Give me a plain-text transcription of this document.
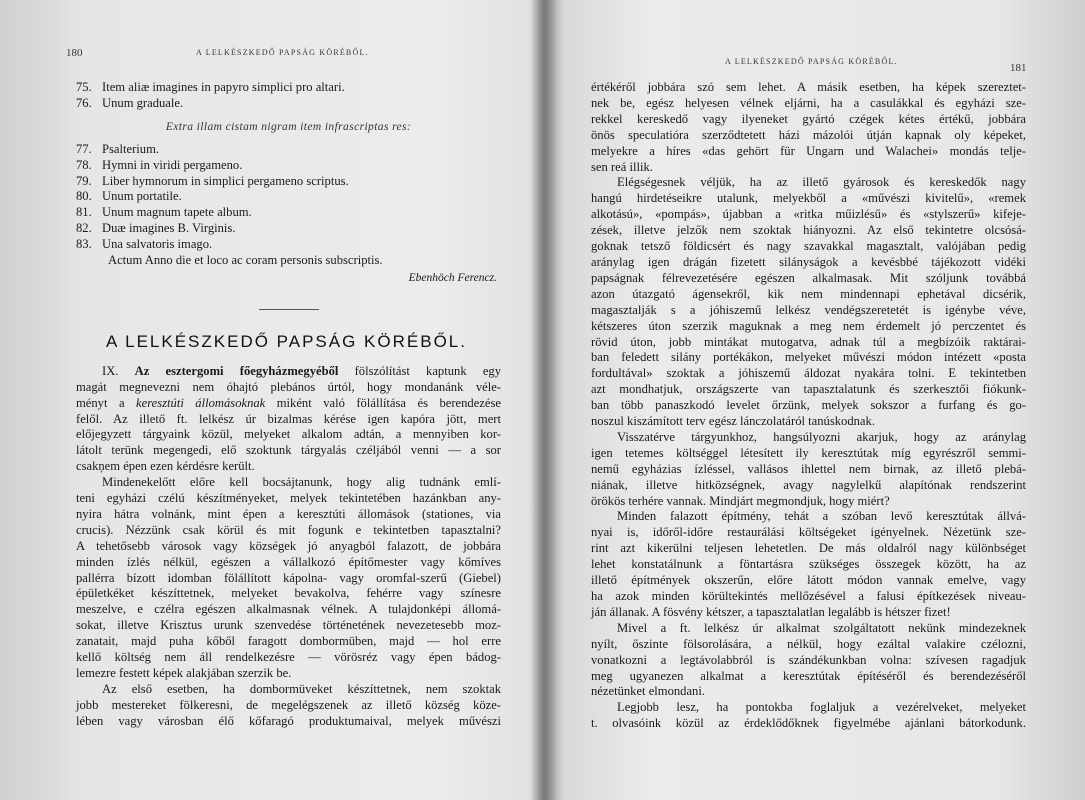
180	A LELKÉSZKEDŐ PAPSÁG KÖRÉBŐL.
75. Item aliæ imagines in papyro simplici pro altari.
76. Unum graduale.
Extra illam cistam nigram item infrascriptas res:
77. Psalterium.
78. Hymni in viridi pergameno.
79. Liber hymnorum in simplici pergameno scriptus.
80. Unum portatile.
81. Unum magnum tapete album.
82. Duæ imagines B. Virginis.
83. Una salvatoris imago.
Actum Anno die et loco ac coram personis subscriptis.
Ebenhöch Ferencz.
A LELKÉSZKEDŐ PAPSÁG KÖRÉBŐL.
IX. Az esztergomi főegyházmegyéből fölszólítást kaptunk egy
magát megnevezni nem óhajtó plebános úrtól, hogy mondanánk véle-
ményt a keresztúti állomásoknak miként való fölállítása és berendezése
felől. Az illető ft. lelkész úr bizalmas kérése igen kapóra jött, mert
előjegyzett tárgyaink közül, melyeket alkalom adtán, a mennyiben kor-
látolt terünk megengedi, elő szoktunk tárgyalás czéljából venni — a sor
csakņem épen ezen kérdésre került.
Mindenekelőtt előre kell bocsájtanunk, hogy alig tudnánk emlí-
teni egyházi czélú készítményeket, melyek tekintetében hazánkban any-
nyira hátra volnánk, mint épen a keresztúti állomások (stationes, via
crucis). Nézzünk csak körül és mit fogunk e tekintetben tapasztalni?
A tehetősebb városok vagy községek jó anyagból falazott, de jobbára
minden ízlés nélkül, egészen a vállalkozó építőmester vagy kőmíves
pallérra bízott idomban fölállított kápolna- vagy oromfal-szerű (Giebel)
épületkéket készíttetnek, melyeket bevakolva, fehérre vagy színesre
meszelve, e czélra egészen alkalmasnak vélnek. A tulajdonképi állomá-
sokat, illetve Krisztus urunk szenvedése történetének nevezetesebb moz-
zanatait, majd puha kőből faragott dombormüben, majd — hol erre
kellő költség nem áll rendelkezésre — vörösréz vagy épen bádog-
lemezre festett képek alakjában szerzik be.
Az első esetben, ha dombormüveket készíttetnek, nem szoktak
jobb mestereket fölkeresni, de megelégszenek az illető község köze-
lében vagy városban élő kőfaragó produktumaival, melyek művészi
181
A LELKÉSZKEDŐ PAPSÁG KÖRÉBŐL.
értékéről jobbára szó sem lehet. A másik esetben, ha képek szereztet-
nek be, egész helyesen vélnek eljárni, ha a casulákkal és egyházi sze-
rekkel kereskedő vagy ilyeneket gyártó czégek kétes értékű, jobbára
önös speculatióra szerződtetett házi mázolói útján kapnak oly képeket,
melyekre a híres «das gehört für Ungarn und Walachei» mondás telje-
sen reá illik.
Elégségesnek véljük, ha az illető gyárosok és kereskedők nagy
hangú hirdetéseikre utalunk, melyekből a «művészi kivitelű», «remek
alkotású», «pompás», újabban a «ritka műizlésű» és «stylszerű» kifeje-
zések, illetve jelzők nem szoktak hiányozni. Az első tekintetre olcsósá-
goknak tetsző földicsért és nagy szavakkal magasztalt, valójában pedig
aránylag igen drágán fizetett silányságok a kevésbbé tájékozott vidéki
papságnak félrevezetésére egészen alkalmasak. Mit szóljunk továbbá
azon útazgató ágensekről, kik nem mindennapi ephetával dicsérik,
magasztalják s a jóhiszemű lelkész vendégszeretetét is igénybe véve,
kétszeres úton szerzik maguknak a meg nem érdemelt jó perczentet és
rövid úton, jobb mintákat mutogatva, adnak túl a megbízóik raktárai-
ban feledett silány portékákon, melyeket művészi módon intézett «posta
fordultával» szoktak a jóhiszemű áldozat nyakára tolni. E tekintetben
azt mondhatjuk, országszerte van tapasztalatunk és szerkesztői fiókunk-
ban több panaszkodó levelet őrzünk, melyek sokszor a furfang és go-
noszul kiszámított terv egész lánczolatáról tanúskodnak.
Visszatérve tárgyunkhoz, hangsúlyozni akarjuk, hogy az aránylag
igen tetemes költséggel létesített ily keresztútak míg egyrészről semmi-
nemű egyházias ízléssel, vallásos ihlettel nem birnak, az illető plebá-
niának, illetve hitközségnek, avagy nagylelkű alapítónak rendszerint
örökös terhére vannak. Mindjárt megmondjuk, hogy miért?
Minden falazott építmény, tehát a szóban levő keresztútak állvá-
nyai is, időről-időre restaurálási költségeket igényelnek. Nézetünk sze-
rint azt kikerülni teljesen lehetetlen. De más oldalról nagy különbséget
lehet konstatálnunk a föntartásra szükséges összegek között, ha az
illető építmények okszerűn, előre látott módon vannak emelve, vagy
ha azok minden körültekintés mellőzésével a falusi építkezések niveau-
ján állanak. A fösvény kétszer, a tapasztalatlan legalább is hétszer fizet!
Mivel a ft. lelkész úr alkalmat szolgáltatott nekünk mindezeknek
nyílt, őszinte fölsorolására, a nélkül, hogy ezáltal valakire czélozni,
vonatkozni a legtávolabbról is szándékunkban volna: szívesen ragadjuk
meg ugyanezen alkalmat a keresztútak építéséről és berendezéséről
nézetünket elmondani.
Legjobb lesz, ha pontokba foglaljuk a vezérelveket, melyeket
t. olvasóink közül az érdeklődőknek figyelmébe ajánlani bátorkodunk.
